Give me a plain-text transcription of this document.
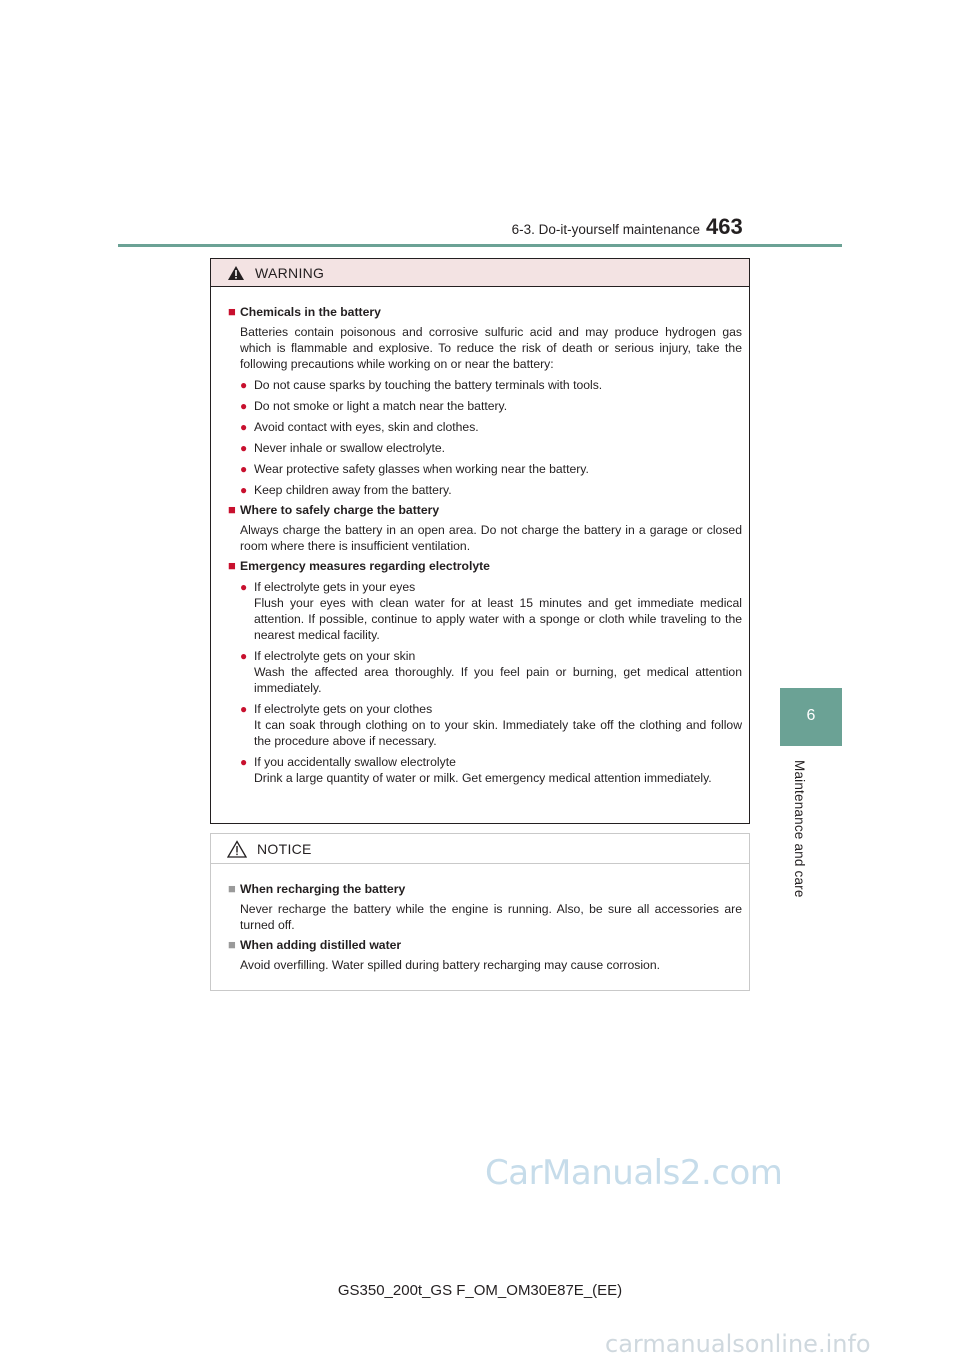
6-3. Do-it-yourself maintenance 463
6
Maintenance and care
WARNING
■ Chemicals in the battery
Batteries contain poisonous and corrosive sulfuric acid and may produce hydrogen gas which is flammable and explosive. To reduce the risk of death or serious injury, take the following precautions while working on or near the battery:
● Do not cause sparks by touching the battery terminals with tools.
● Do not smoke or light a match near the battery.
● Avoid contact with eyes, skin and clothes.
● Never inhale or swallow electrolyte.
● Wear protective safety glasses when working near the battery.
● Keep children away from the battery.
■ Where to safely charge the battery
Always charge the battery in an open area. Do not charge the battery in a garage or closed room where there is insufficient ventilation.
■ Emergency measures regarding electrolyte
● If electrolyte gets in your eyes
Flush your eyes with clean water for at least 15 minutes and get immediate medical attention. If possible, continue to apply water with a sponge or cloth while traveling to the nearest medical facility.
● If electrolyte gets on your skin
Wash the affected area thoroughly. If you feel pain or burning, get medical attention immediately.
● If electrolyte gets on your clothes
It can soak through clothing on to your skin. Immediately take off the clothing and follow the procedure above if necessary.
● If you accidentally swallow electrolyte
Drink a large quantity of water or milk. Get emergency medical attention immediately.
NOTICE
■ When recharging the battery
Never recharge the battery while the engine is running. Also, be sure all accessories are turned off.
■ When adding distilled water
Avoid overfilling. Water spilled during battery recharging may cause corrosion.
CarManuals2.com
GS350_200t_GS F_OM_OM30E87E_(EE)
carmanualsonline.info
